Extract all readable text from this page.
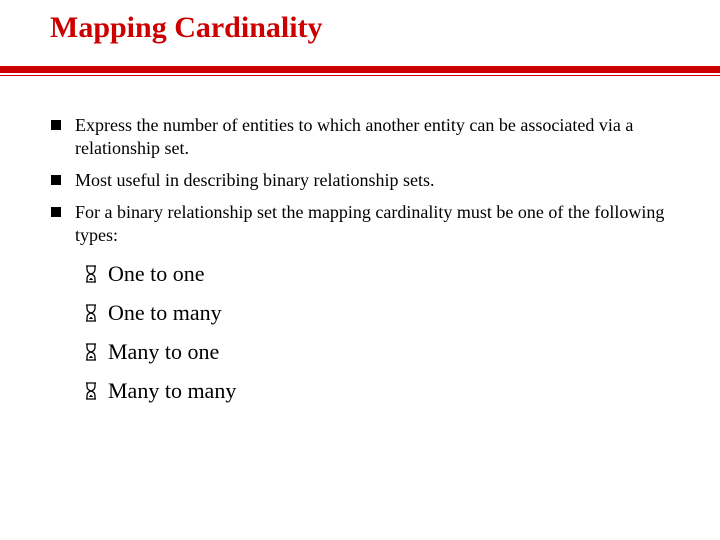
Mapping Cardinality
Express the number of entities to which another entity can be associated via a relationship set.
Most useful in describing binary relationship sets.
For a binary relationship set the mapping cardinality must be one of the following types:
One to one
One to many
Many to one
Many to many
